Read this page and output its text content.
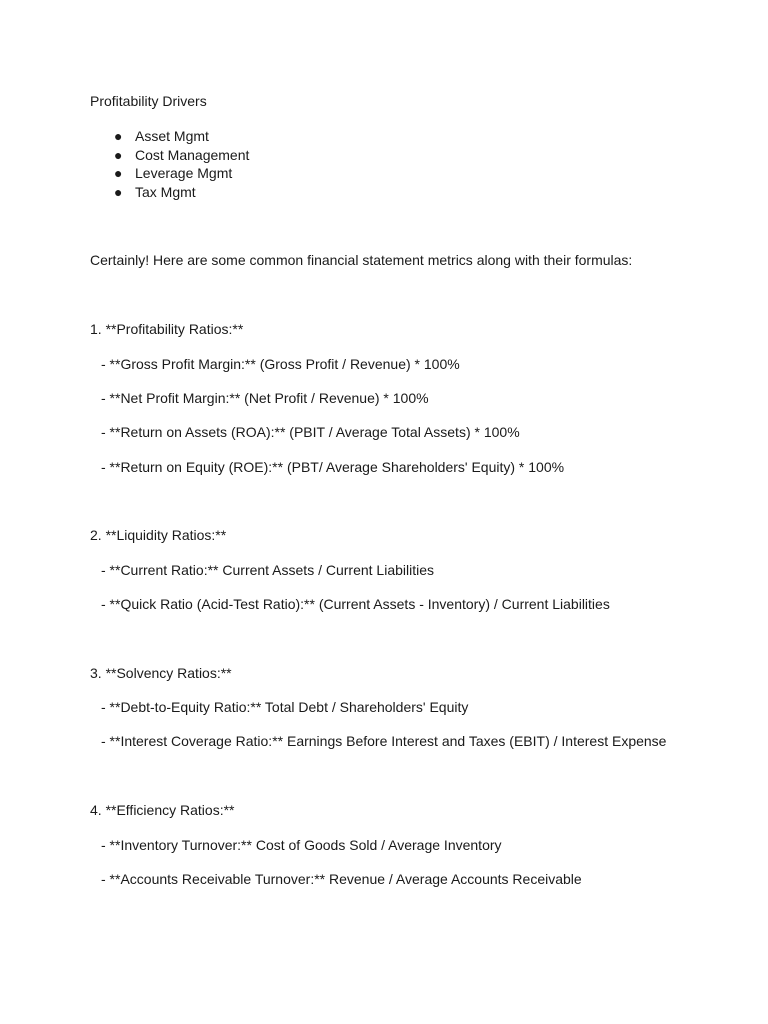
Profitability Drivers
● Asset Mgmt
● Cost Management
● Leverage Mgmt
● Tax Mgmt
Certainly! Here are some common financial statement metrics along with their formulas:
1. **Profitability Ratios:**
- **Gross Profit Margin:** (Gross Profit / Revenue) * 100%
- **Net Profit Margin:** (Net Profit / Revenue) * 100%
- **Return on Assets (ROA):** (PBIT / Average Total Assets) * 100%
- **Return on Equity (ROE):** (PBT/ Average Shareholders' Equity) * 100%
2. **Liquidity Ratios:**
- **Current Ratio:** Current Assets / Current Liabilities
- **Quick Ratio (Acid-Test Ratio):** (Current Assets - Inventory) / Current Liabilities
3. **Solvency Ratios:**
- **Debt-to-Equity Ratio:** Total Debt / Shareholders' Equity
- **Interest Coverage Ratio:** Earnings Before Interest and Taxes (EBIT) / Interest Expense
4. **Efficiency Ratios:**
- **Inventory Turnover:** Cost of Goods Sold / Average Inventory
- **Accounts Receivable Turnover:** Revenue / Average Accounts Receivable
